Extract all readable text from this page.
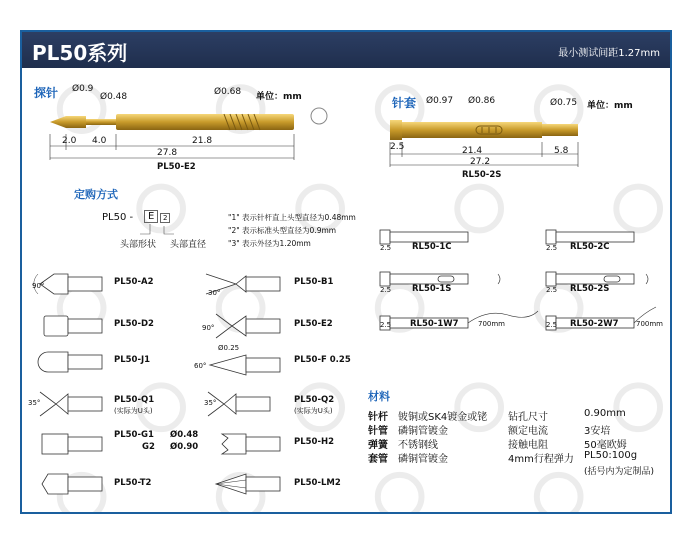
PL50系列	最小测试间距1.27mm
探针 Ø0.9
Ø0.48	Ø0.68 单位：mm
2.0 4.0	21.8
27.8
PL50-E2
针套 Ø0.97 Ø0.86	Ø0.75 单位：mm
2.5	21.4	5.8
27.2
RL50-2S
定购方式
PL50 -	E	2
头部形状 头部直径
"1" 表示针杆直上头型直径为0.48mm
"2" 表示标准头型直径为0.9mm
"3" 表示外径为1.20mm
90°	PL50-A2
30°
PL50-B1
PL50-D2	90°	PL50-E2
PL50-J1
Ø0.25
60°
PL50-F 0.25
35°	PL50-Q1
(实际为U头)
35°	PL50-Q2
(实际为U头)
PL50-G1
G2
Ø0.48
Ø0.90	PL50-H2
PL50-T2	PL50-LM2
2.5 RL50-1C	2.5 RL50-2C
2.5 RL50-1S	2.5 RL50-2S
2.5 RL50-1W7	700mm	2.5 RL50-2W7 700mm
材料
针杆 铍铜或SK4镀金或铑
针管 磷铜管镀金
弹簧 不锈钢线
套管 磷铜管镀金
钻孔尺寸	0.90mm
额定电流	3安培
接触电阻	50毫欧姆
4mm行程弹力 PL50:100g
(括号内为定制品)
